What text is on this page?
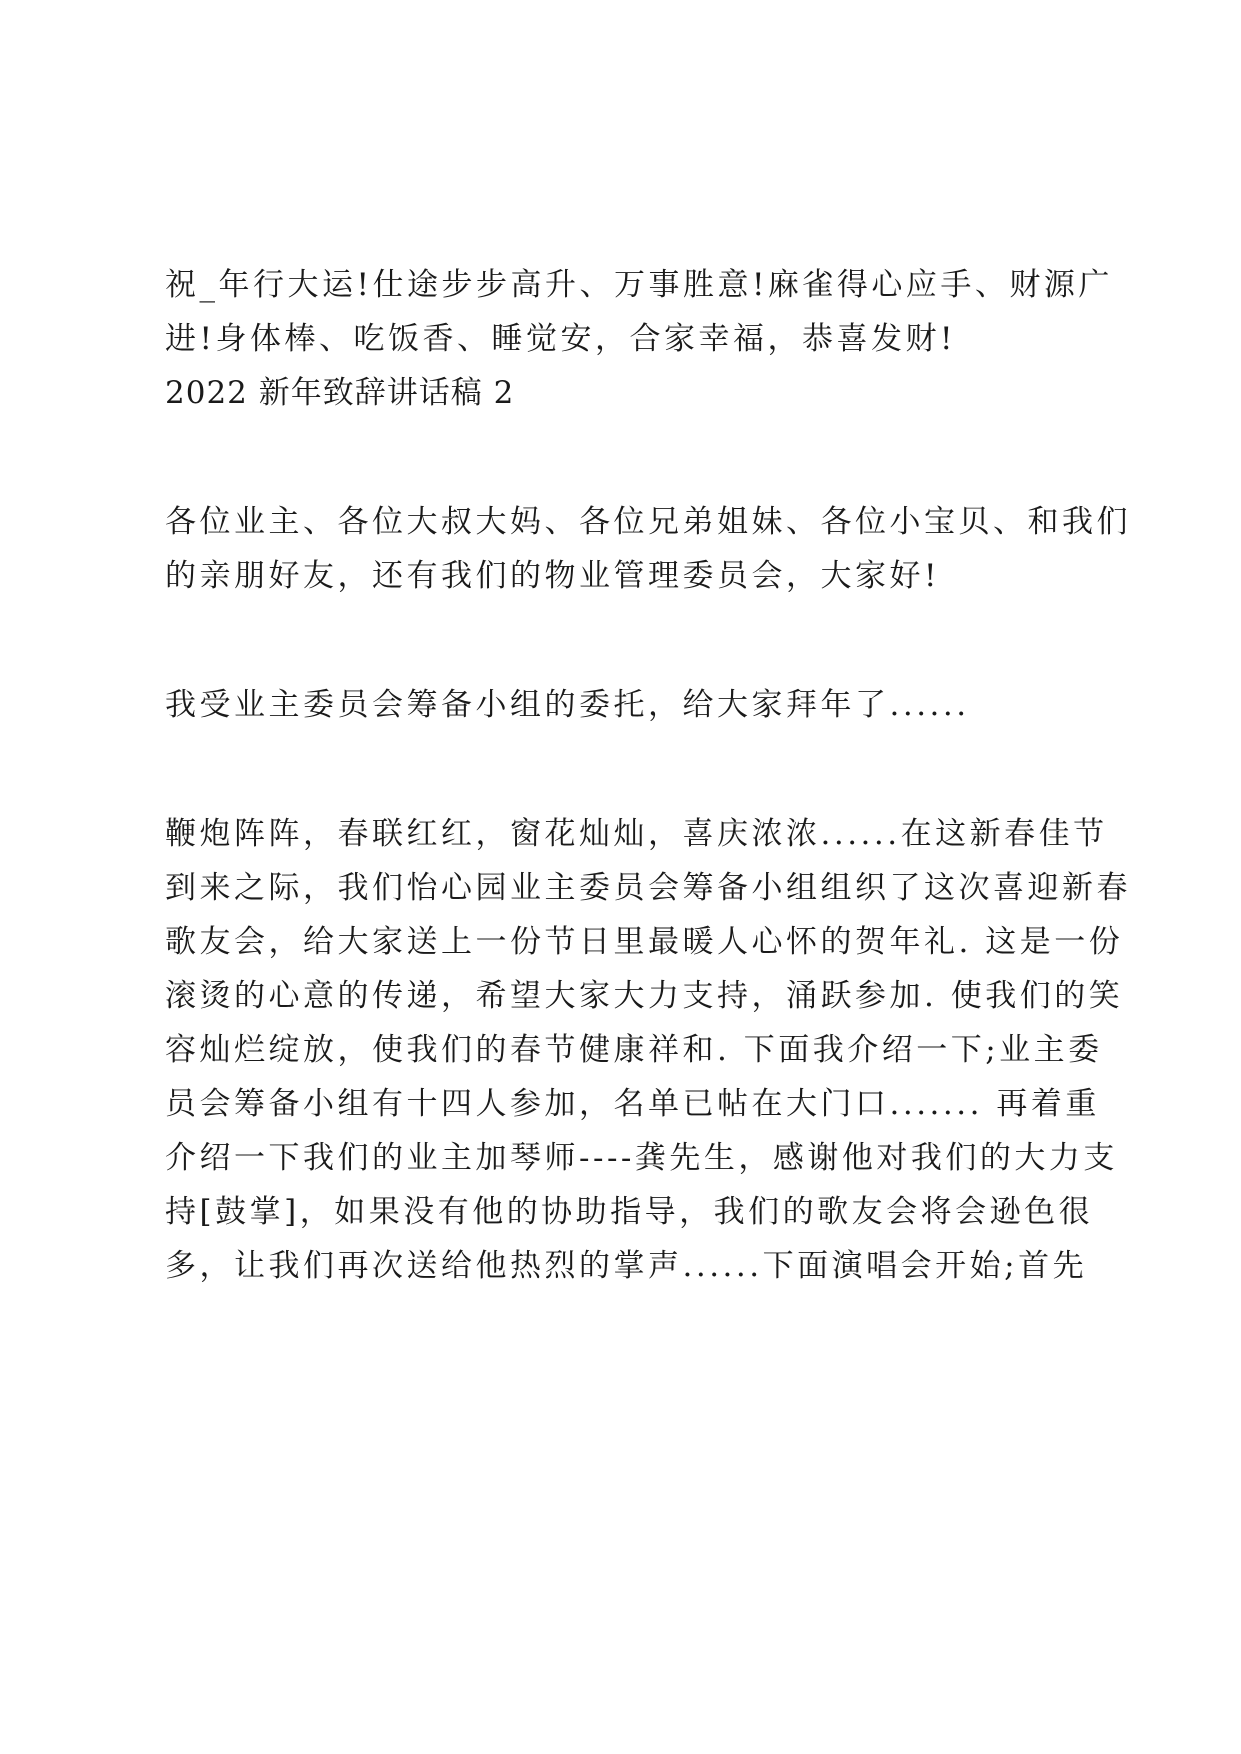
祝_年行大运!仕途步步高升、万事胜意!麻雀得心应手、财源广
进!身体棒、吃饭香、睡觉安，合家幸福，恭喜发财!

2022 新年致辞讲话稿 2

各位业主、各位大叔大妈、各位兄弟姐妹、各位小宝贝、和我们
的亲朋好友，还有我们的物业管理委员会，大家好!

我受业主委员会筹备小组的委托，给大家拜年了......

鞭炮阵阵，春联红红，窗花灿灿，喜庆浓浓......在这新春佳节
到来之际，我们怡心园业主委员会筹备小组组织了这次喜迎新春
歌友会，给大家送上一份节日里最暖人心怀的贺年礼. 这是一份
滚烫的心意的传递，希望大家大力支持，涌跃参加. 使我们的笑
容灿烂绽放，使我们的春节健康祥和. 下面我介绍一下;业主委
员会筹备小组有十四人参加，名单已帖在大门口....... 再着重
介绍一下我们的业主加琴师----龚先生，感谢他对我们的大力支
持[鼓掌]，如果没有他的协助指导，我们的歌友会将会逊色很
多，让我们再次送给他热烈的掌声......下面演唱会开始;首先
